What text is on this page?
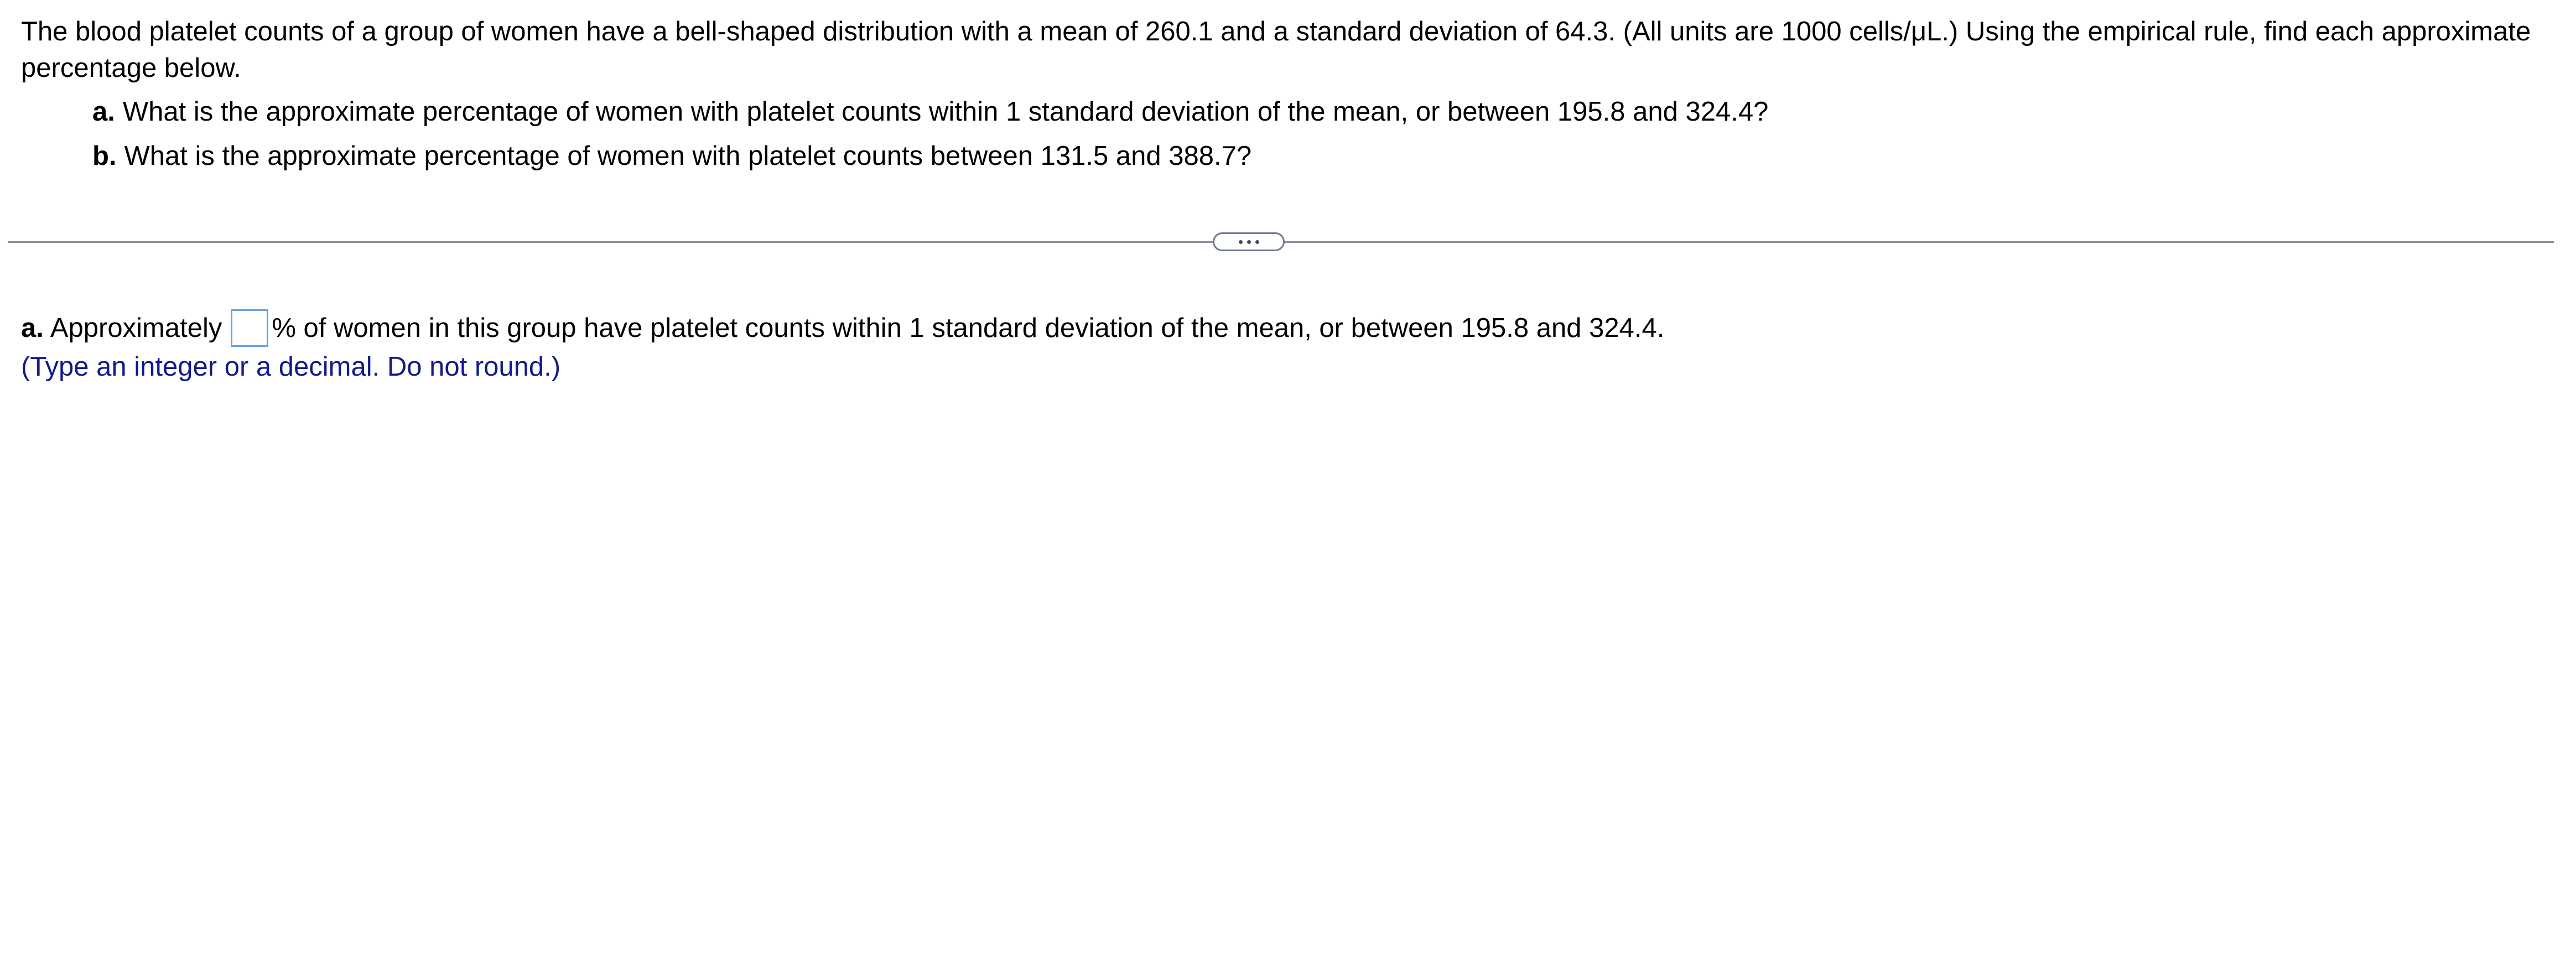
The blood platelet counts of a group of women have a bell-shaped distribution with a mean of 260.1 and a standard deviation of 64.3. (All units are 1000 cells/μL.) Using the empirical rule, find each approximate percentage below.
a. What is the approximate percentage of women with platelet counts within 1 standard deviation of the mean, or between 195.8 and 324.4?
b. What is the approximate percentage of women with platelet counts between 131.5 and 388.7?
a. Approximately % of women in this group have platelet counts within 1 standard deviation of the mean, or between 195.8 and 324.4.
(Type an integer or a decimal. Do not round.)
